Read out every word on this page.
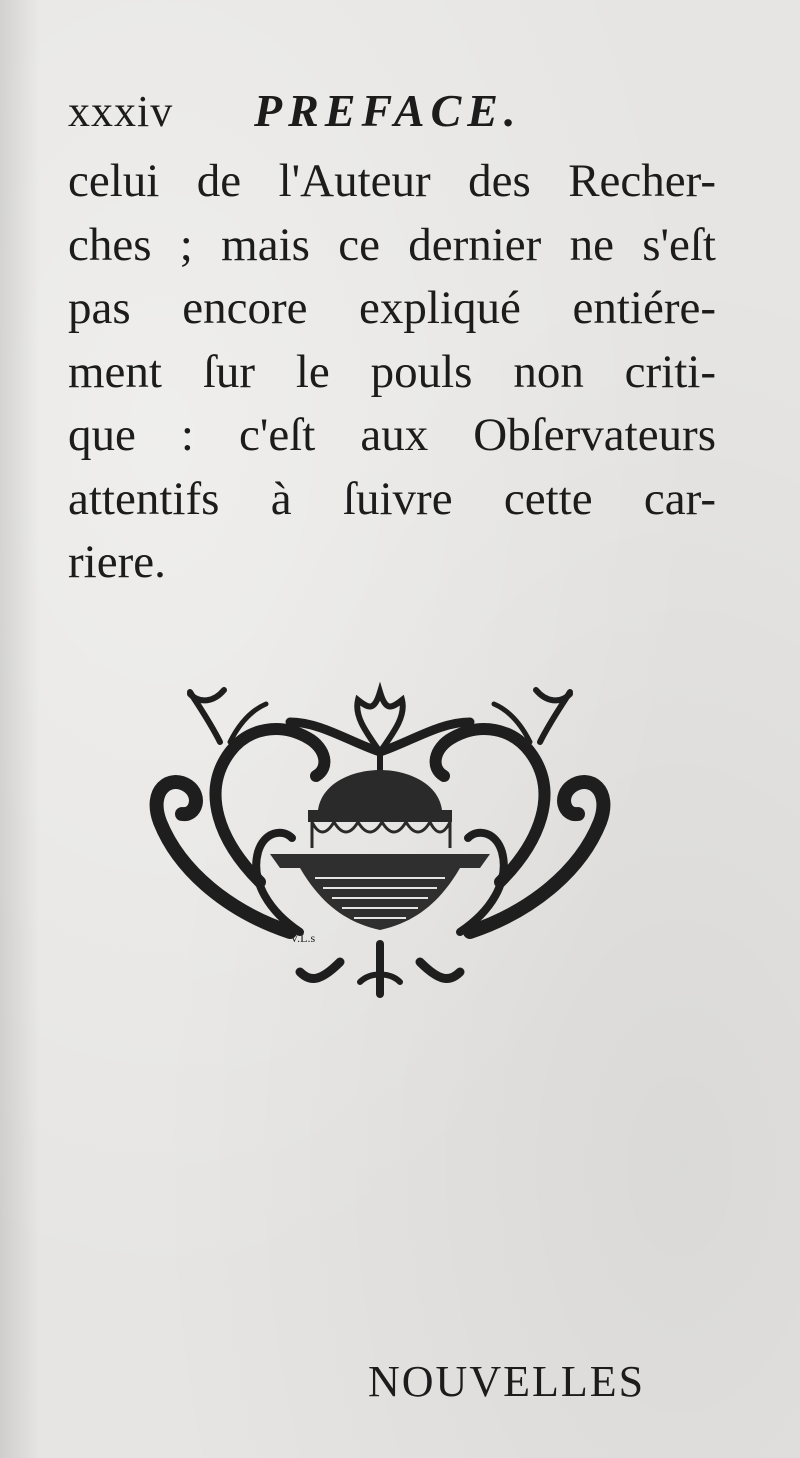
xxxiv PREFACE.
celui de l'Auteur des Recher-
ches ; mais ce dernier ne s'eſt
pas encore expliqué entiére-
ment ſur le pouls non criti-
que : c'eſt aux Obſervateurs
attentifs à ſuivre cette car-
riere.
V.L.s
NOUVELLES
